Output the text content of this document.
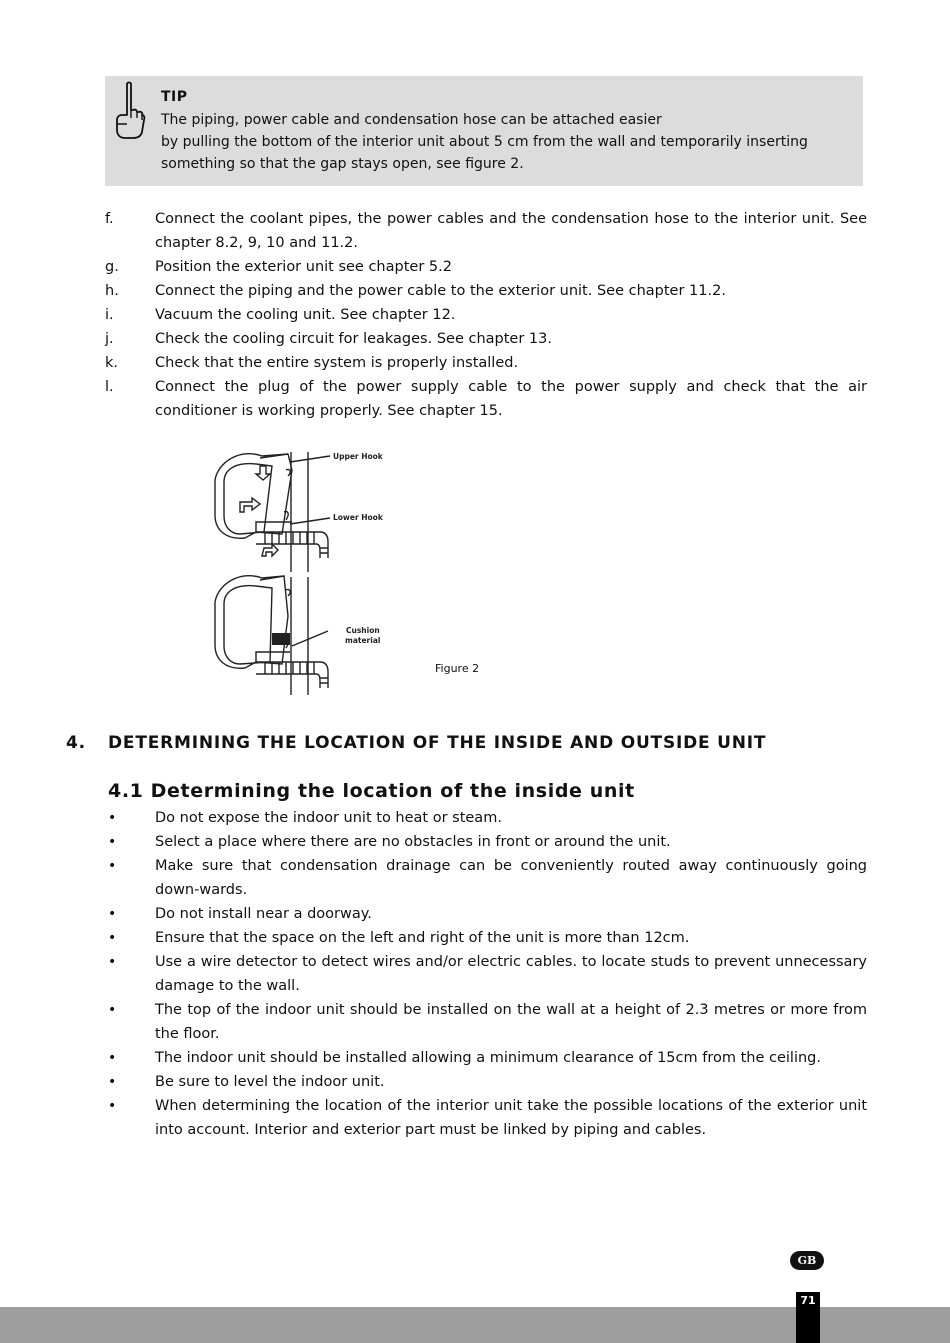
TIP
The piping, power cable and condensation hose can be attached easier
by pulling the bottom of the interior unit about 5 cm from the wall and temporarily inserting
something so that the gap stays open, see figure 2.
f.	Connect the coolant pipes, the power cables and the condensation hose to the interior unit. See chapter 8.2, 9, 10 and 11.2.
g. Position the exterior unit see chapter 5.2
h. Connect the piping and the power cable to the exterior unit. See chapter 11.2.
i.	Vacuum the cooling unit. See chapter 12.
j.	Check the cooling circuit for leakages. See chapter 13.
k.	Check that the entire system is properly installed.
l.	Connect the plug of the power supply cable to the power supply and check that the air conditioner is working properly. See chapter 15.
Upper Hook
Lower Hook
Cushion
material
Figure 2
4. DETERMINING THE LOCATION OF THE INSIDE AND OUTSIDE UNIT
4.1 Determining the location of the inside unit
•	Do not expose the indoor unit to heat or steam.
•	Select a place where there are no obstacles in front or around the unit.
•	Make sure that condensation drainage can be conveniently routed away continuously going down-wards.
•	Do not install near a doorway.
•	Ensure that the space on the left and right of the unit is more than 12cm.
•	Use a wire detector to detect wires and/or electric cables. to locate studs to prevent unnecessary damage to the wall.
•	The top of the indoor unit should be installed on the wall at a height of 2.3 metres or more from the floor.
•	The indoor unit should be installed allowing a minimum clearance of 15cm from the ceiling.
•	Be sure to level the indoor unit.
•	When determining the location of the interior unit take the possible locations of the exterior unit into account. Interior and exterior part must be linked by piping and cables.
GB
71
